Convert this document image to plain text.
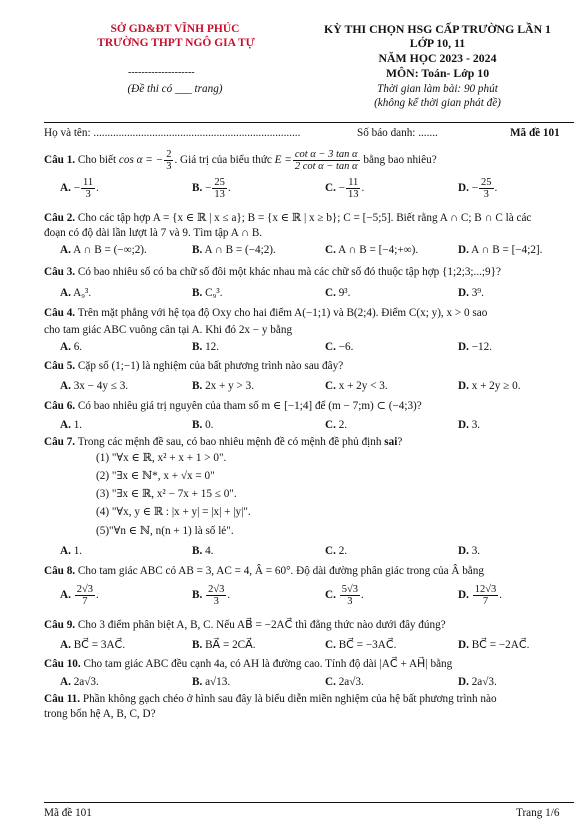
SỞ GD&ĐT VĨNH PHÚC
TRƯỜNG THPT NGÔ GIA TỰ
--------------------
(Đề thi có ___ trang)
KỲ THI CHỌN HSG CẤP TRƯỜNG LẦN 1
LỚP 10, 11
NĂM HỌC 2023 - 2024
MÔN: Toán- Lớp 10
Thời gian làm bài: 90 phút
(không kể thời gian phát đề)
Họ và tên: ..........................................................................	Số báo danh: .......	Mã đề 101
Câu 1. Cho biết cos α = − $\frac{2}{3}$ . Giá trị của biểu thức $E = \frac{\text{cot α − 3 tan α}}{\text{2 cot α − tan α}}$ bằng bao nhiêu?
A. − $\frac{11}{3}$ .	B. − $\frac{25}{13}$ .	C. − $\frac{11}{13}$ .	D. − $\frac{25}{3}$ .
Câu 2. Cho các tập hợp A = {x ∈ ℝ | x ≤ a}; B = {x ∈ ℝ | x ≥ b}; C = [−5;5]. Biết rằng A ∩ C; B ∩ C là các
đoạn có độ dài lần lượt là 7 và 9. Tìm tập A ∩ B.
A. A ∩ B = (−∞;2).	B. A ∩ B = (−4;2).	C. A ∩ B = [−4;+∞).	D. A ∩ B = [−4;2].
Câu 3. Có bao nhiêu số có ba chữ số đôi một khác nhau mà các chữ số đó thuộc tập hợp {1;2;3;...;9}?
A. A₉³.	B. C₉³.	C. 9³.	D. 3⁹.
Câu 4. Trên mặt phẳng với hệ tọa độ Oxy cho hai điểm A(−1;1) và B(2;4). Điểm C(x; y), x > 0 sao
cho tam giác ABC vuông cân tại A. Khi đó 2x − y bằng
A. 6.	B. 12.	C. −6.	D. −12.
Câu 5. Cặp số (1;−1) là nghiệm của bất phương trình nào sau đây?
A. 3x − 4y ≤ 3.	B. 2x + y > 3.	C. x + 2y < 3.	D. x + 2y ≥ 0.
Câu 6. Có bao nhiêu giá trị nguyên của tham số m ∈ [−1;4] để (m − 7;m) ⊂ (−4;3)?
A. 1.	B. 0.	C. 2.	D. 3.
Câu 7. Trong các mệnh đề sau, có bao nhiêu mệnh đề có mệnh đề phủ định sai?
(1) "∀x ∈ ℝ, x² + x + 1 > 0".
(2) "∃x ∈ ℕ*, x + √x = 0"
(3) "∃x ∈ ℝ, x² − 7x + 15 ≤ 0".
(4) "∀x, y ∈ ℝ : |x + y| = |x| + |y|".
(5)"∀n ∈ ℕ, n(n + 1) là số lẻ".
A. 1.	B. 4.	C. 2.	D. 3.
Câu 8. Cho tam giác ABC có AB = 3, AC = 4, Â = 60°. Độ dài đường phân giác trong của Â bằng
A. $\frac{2√3}{7}$ .	B. $\frac{2√3}{3}$ .	C. $\frac{5√3}{3}$ .	D. $\frac{12√3}{7}$ .
Câu 9. Cho 3 điểm phân biệt A, B, C. Nếu AB⃗ = −2AC⃗ thì đẳng thức nào dưới đây đúng?
A. BC⃗ = 3AC⃗.	B. BA⃗ = 2CA⃗.	C. BC⃗ = −3AC⃗.	D. BC⃗ = −2AC⃗.
Câu 10. Cho tam giác ABC đều cạnh 4a, có AH là đường cao. Tính độ dài |AC⃗ + AH⃗| bằng
A. 2a√3.	B. a√13.	C. 2a√3.	D. 2a√3.
Câu 11. Phần không gạch chéo ở hình sau đây là biểu diễn miền nghiệm của hệ bất phương trình nào
trong bốn hệ A, B, C, D?
Mã đề 101	Trang 1/6
